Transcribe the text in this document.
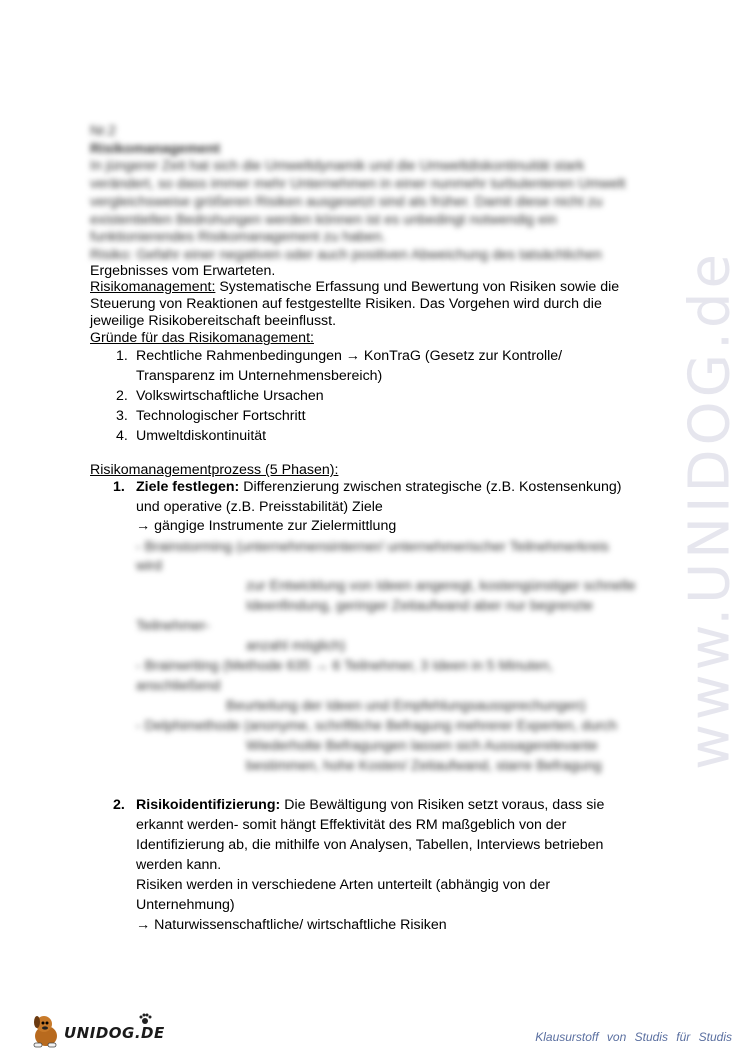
www.UNIDOG.de
Nr.2
Risikomanagement
In jüngerer Zeit hat sich die Umweltdynamik und die Umweltdiskontinuität stark
verändert, so dass immer mehr Unternehmen in einer nunmehr turbulenteren Umwelt
vergleichsweise größeren Risiken ausgesetzt sind als früher. Damit diese nicht zu
existentiellen Bedrohungen werden können ist es unbedingt notwendig ein
funktionierendes Risikomanagement zu haben.
Risiko: Gefahr einer negativen oder auch positiven Abweichung des tatsächlichen
Ergebnisses vom Erwarteten.
Risikomanagement: Systematische Erfassung und Bewertung von Risiken sowie die
Steuerung von Reaktionen auf festgestellte Risiken. Das Vorgehen wird durch die
jeweilige Risikobereitschaft beeinflusst.
Gründe für das Risikomanagement:
1. Rechtliche Rahmenbedingungen → KonTraG (Gesetz zur Kontrolle/
Transparenz im Unternehmensbereich)
2. Volkswirtschaftliche Ursachen
3. Technologischer Fortschritt
4. Umweltdiskontinuität
Risikomanagementprozess (5 Phasen):
1. Ziele festlegen: Differenzierung zwischen strategische (z.B. Kostensenkung)
und operative (z.B. Preisstabilität) Ziele
→ gängige Instrumente zur Zielermittlung
- Brainstorming (unternehmensinterner/ unternehmerischer Teilnehmerkreis
wird
zur Entwicklung von Ideen angeregt, kostengünstiger schnelle
Ideenfindung, geringer Zeitaufwand aber nur begrenzte
Teilnehmer-
anzahl möglich)
- Brainwriting (Methode 635 → 6 Teilnehmer, 3 Ideen in 5 Minuten,
anschließend
Beurteilung der Ideen und Empfehlungsaussprechungen)
- Delphimethode (anonyme, schriftliche Befragung mehrerer Experten, durch
Wiederholte Befragungen lassen sich Aussagerelevante
bestimmen, hohe Kosten/ Zeitaufwand, starre Befragung
2. Risikoidentifizierung: Die Bewältigung von Risiken setzt voraus, dass sie
erkannt werden- somit hängt Effektivität des RM maßgeblich von der
Identifizierung ab, die mithilfe von Analysen, Tabellen, Interviews betrieben
werden kann.
Risiken werden in verschiedene Arten unterteilt (abhängig von der
Unternehmung)
→ Naturwissenschaftliche/ wirtschaftliche Risiken
UNIDOG.DE	Klausurstoff von Studis für Studis
